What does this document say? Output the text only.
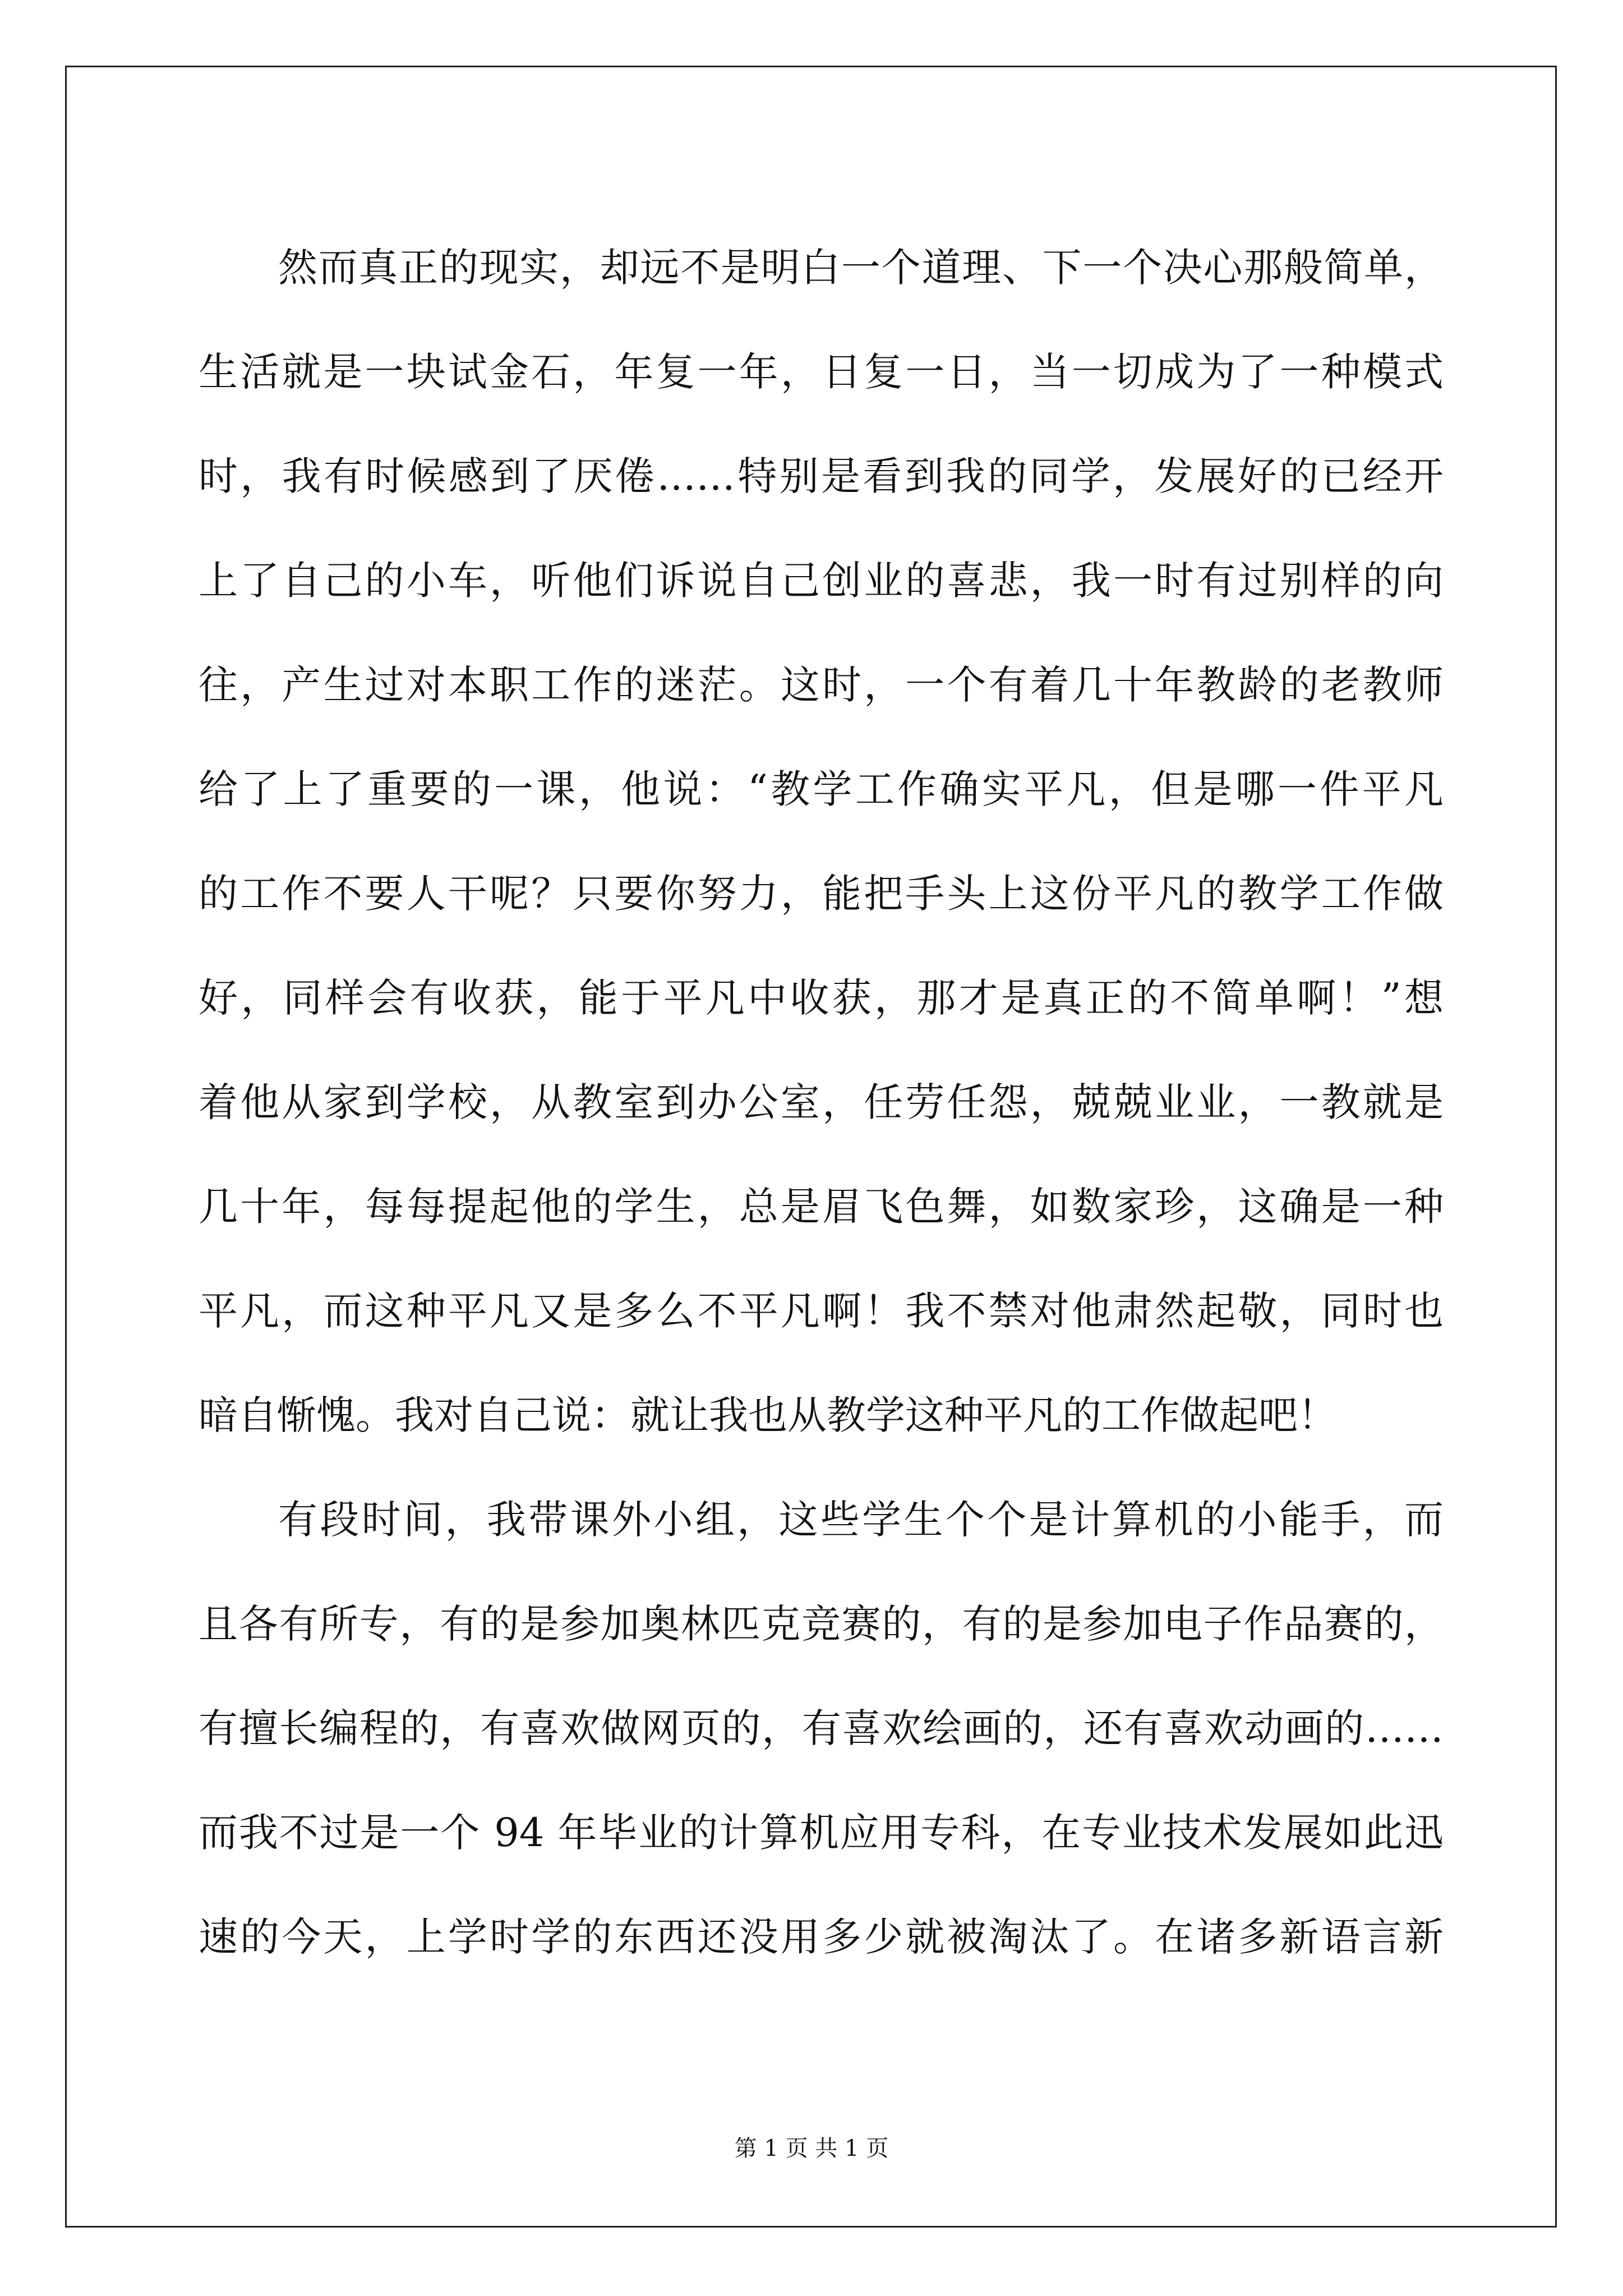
然而真正的现实，却远不是明白一个道理、下一个决心那般简单，
生活就是一块试金石，年复一年，日复一日，当一切成为了一种模式
时，我有时候感到了厌倦……特别是看到我的同学，发展好的已经开
上了自己的小车，听他们诉说自己创业的喜悲，我一时有过别样的向
往，产生过对本职工作的迷茫。这时，一个有着几十年教龄的老教师
给了上了重要的一课，他说：“教学工作确实平凡，但是哪一件平凡
的工作不要人干呢？只要你努力，能把手头上这份平凡的教学工作做
好，同样会有收获，能于平凡中收获，那才是真正的不简单啊！”想
着他从家到学校，从教室到办公室，任劳任怨，兢兢业业，一教就是
几十年，每每提起他的学生，总是眉飞色舞，如数家珍，这确是一种
平凡，而这种平凡又是多么不平凡啊！我不禁对他肃然起敬，同时也
暗自惭愧。我对自己说：就让我也从教学这种平凡的工作做起吧！
有段时间，我带课外小组，这些学生个个是计算机的小能手，而
且各有所专，有的是参加奥林匹克竞赛的，有的是参加电子作品赛的，
有擅长编程的，有喜欢做网页的，有喜欢绘画的，还有喜欢动画的……
而我不过是一个 94 年毕业的计算机应用专科，在专业技术发展如此迅
速的今天，上学时学的东西还没用多少就被淘汰了。在诸多新语言新
第 1 页 共 1 页
